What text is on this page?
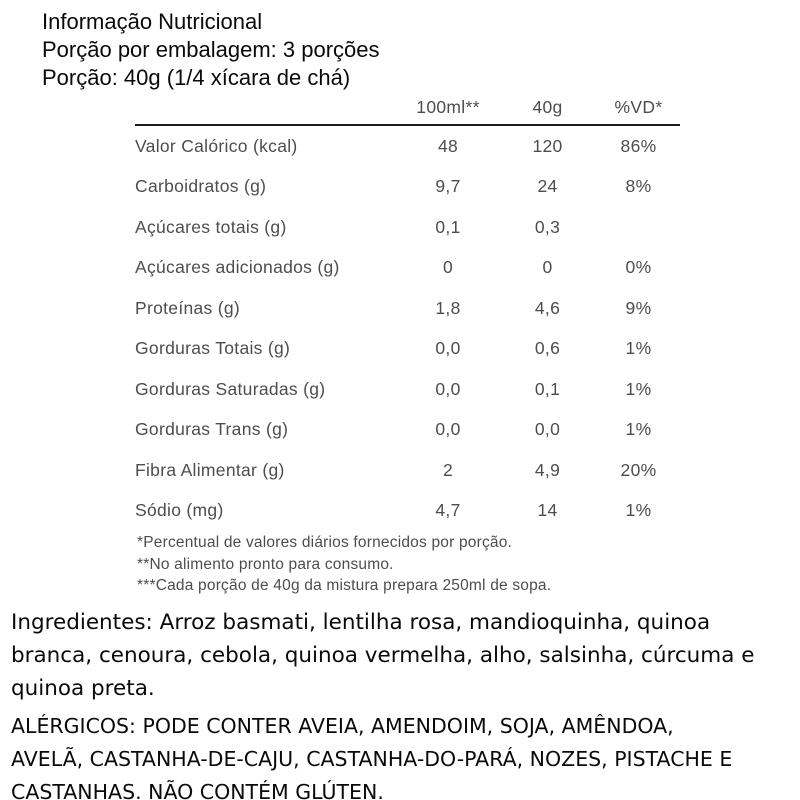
Informação Nutricional
Porção por embalagem: 3 porções
Porção: 40g (1/4 xícara de chá)
100ml**	40g	%VD*
Valor Calórico (kcal)	48	120	86%
Carboidratos (g)	9,7	24	8%
Açúcares totais (g)	0,1	0,3
Açúcares adicionados (g)	0	0	0%
Proteínas (g)	1,8	4,6	9%
Gorduras Totais (g)	0,0	0,6	1%
Gorduras Saturadas (g)	0,0	0,1	1%
Gorduras Trans (g)	0,0	0,0	1%
Fibra Alimentar (g)	2	4,9	20%
Sódio (mg)	4,7	14	1%
*Percentual de valores diários fornecidos por porção.
**No alimento pronto para consumo.
***Cada porção de 40g da mistura prepara 250ml de sopa.
Ingredientes: Arroz basmati, lentilha rosa, mandioquinha, quinoa
branca, cenoura, cebola, quinoa vermelha, alho, salsinha, cúrcuma e
quinoa preta.
ALÉRGICOS: PODE CONTER AVEIA, AMENDOIM, SOJA, AMÊNDOA,
AVELÃ, CASTANHA-DE-CAJU, CASTANHA-DO-PARÁ, NOZES, PISTACHE E
CASTANHAS. NÃO CONTÉM GLÚTEN.
